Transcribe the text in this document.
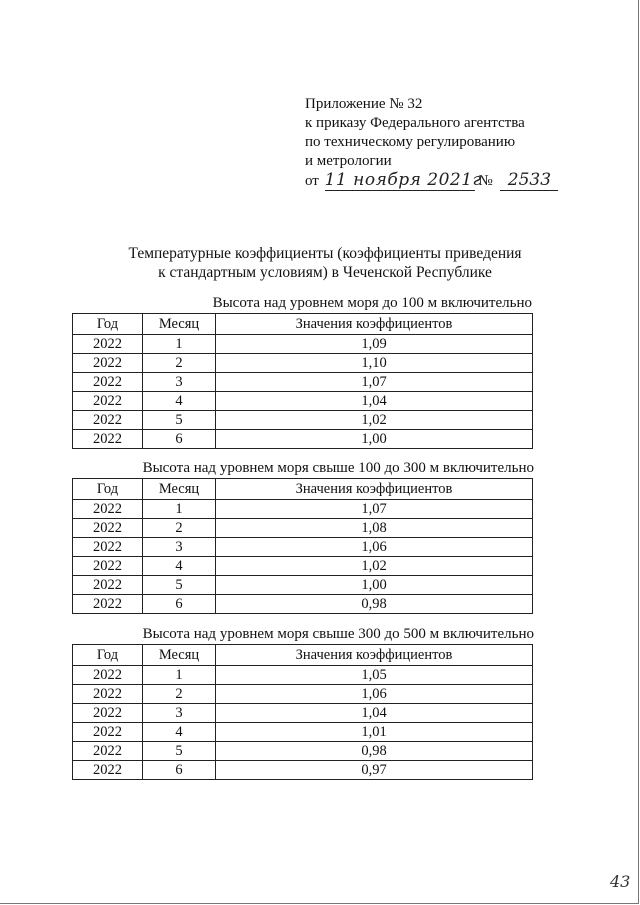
Приложение № 32
к приказу Федерального агентства
по техническому регулированию
и метрологии
от 11 ноября 2021г № 2533
Температурные коэффициенты (коэффициенты приведения
к стандартным условиям) в Чеченской Республике
Высота над уровнем моря до 100 м включительно
Год	Месяц	Значения коэффициентов
2022	1	1,09
2022	2	1,10
2022	3	1,07
2022	4	1,04
2022	5	1,02
2022	6	1,00
Высота над уровнем моря свыше 100 до 300 м включительно
Год	Месяц	Значения коэффициентов
2022	1	1,07
2022	2	1,08
2022	3	1,06
2022	4	1,02
2022	5	1,00
2022	6	0,98
Высота над уровнем моря свыше 300 до 500 м включительно
Год	Месяц	Значения коэффициентов
2022	1	1,05
2022	2	1,06
2022	3	1,04
2022	4	1,01
2022	5	0,98
2022	6	0,97
43
